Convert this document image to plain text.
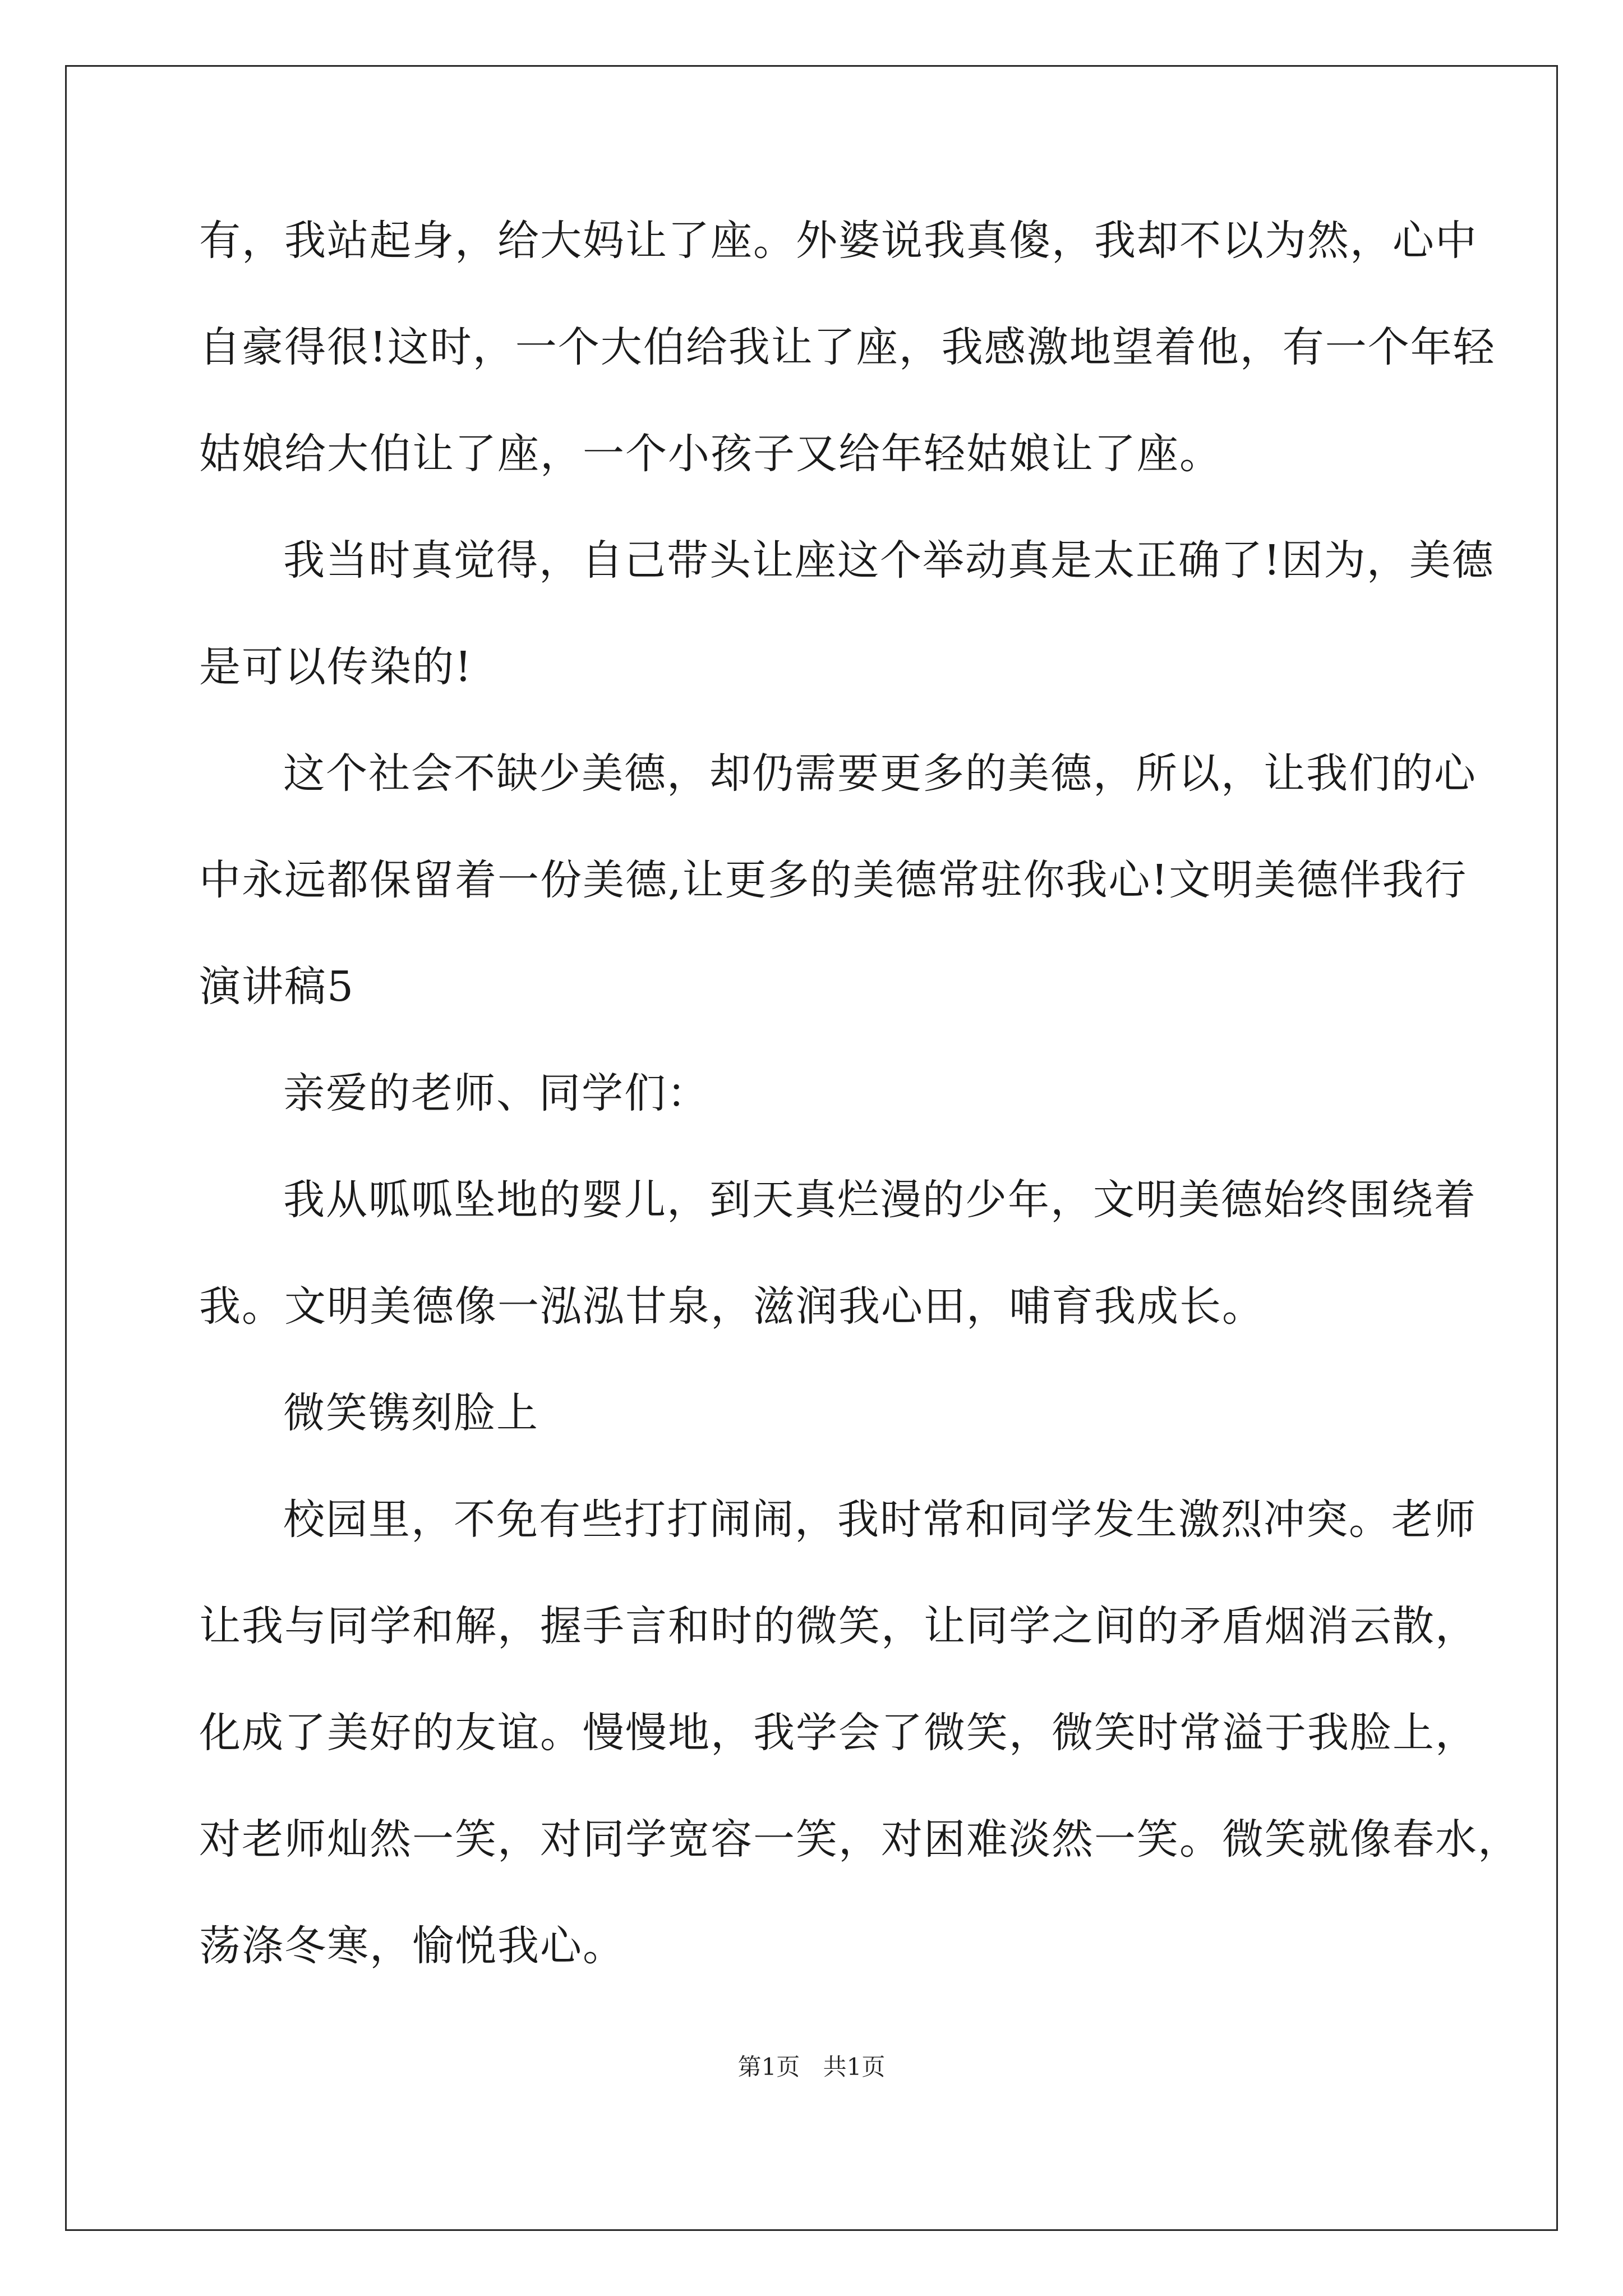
有，我站起身，给大妈让了座。外婆说我真傻，我却不以为然，心中
自豪得很!这时，一个大伯给我让了座，我感激地望着他，有一个年轻
姑娘给大伯让了座，一个小孩子又给年轻姑娘让了座。
我当时真觉得，自己带头让座这个举动真是太正确了!因为，美德
是可以传染的!
这个社会不缺少美德，却仍需要更多的美德，所以，让我们的心
中永远都保留着一份美德,让更多的美德常驻你我心!文明美德伴我行
演讲稿5
亲爱的老师、同学们：
我从呱呱坠地的婴儿，到天真烂漫的少年，文明美德始终围绕着
我。文明美德像一泓泓甘泉，滋润我心田，哺育我成长。
微笑镌刻脸上
校园里，不免有些打打闹闹，我时常和同学发生激烈冲突。老师
让我与同学和解，握手言和时的微笑，让同学之间的矛盾烟消云散，
化成了美好的友谊。慢慢地，我学会了微笑，微笑时常溢于我脸上，
对老师灿然一笑，对同学宽容一笑，对困难淡然一笑。微笑就像春水，
荡涤冬寒，愉悦我心。
第1页 共1页
